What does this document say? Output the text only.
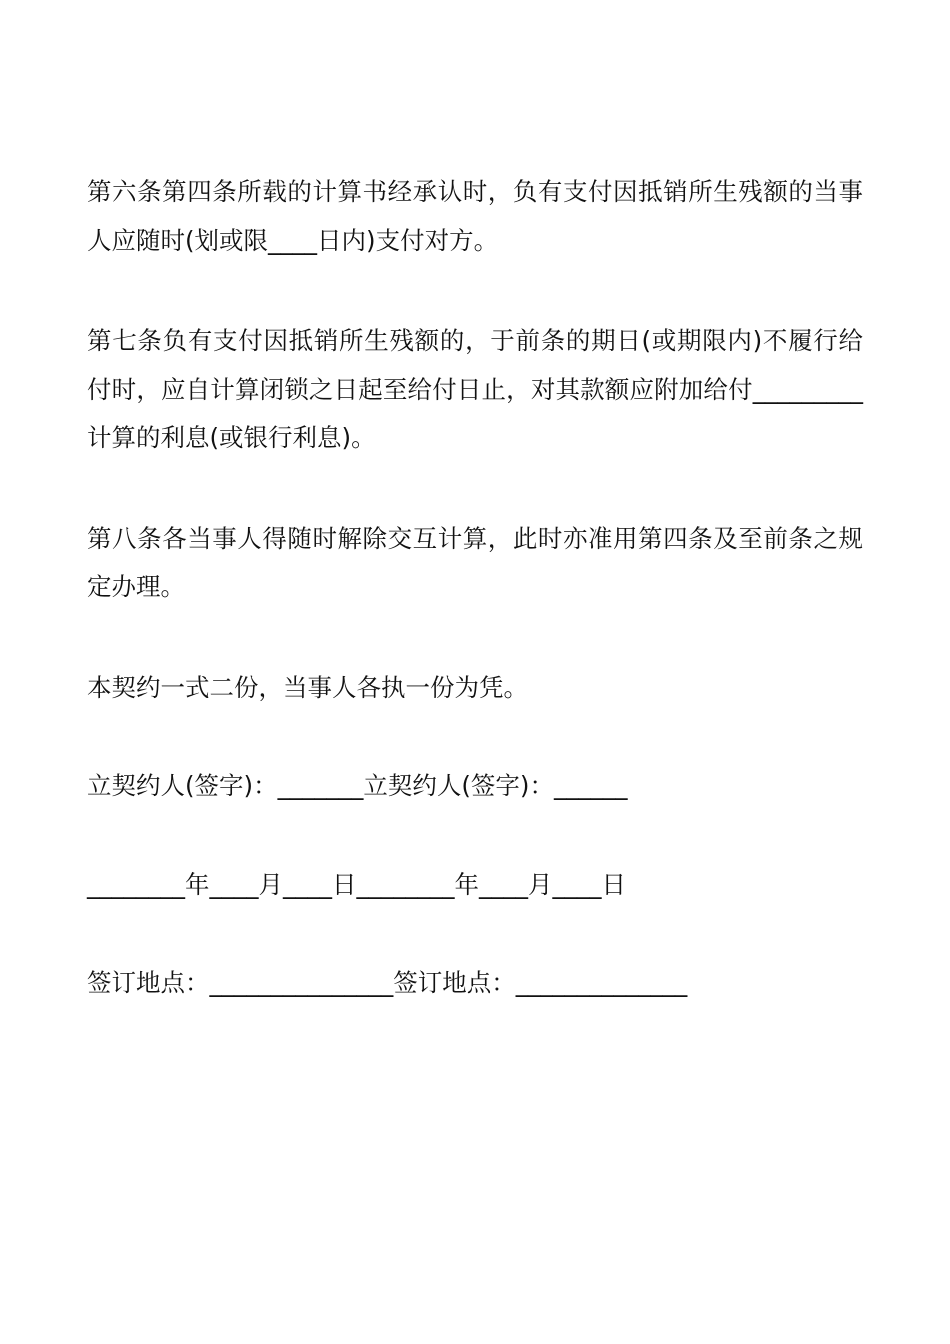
第六条第四条所载的计算书经承认时，负有支付因抵销所生残额的当事人应随时(划或限____日内)支付对方。

第七条负有支付因抵销所生残额的，于前条的期日(或期限内)不履行给付时，应自计算闭锁之日起至给付日止，对其款额应附加给付_________计算的利息(或银行利息)。

第八条各当事人得随时解除交互计算，此时亦准用第四条及至前条之规定办理。

本契约一式二份，当事人各执一份为凭。

立契约人(签字)：_______立契约人(签字)：______

________年____月____日________年____月____日

签订地点：_______________签订地点：______________
